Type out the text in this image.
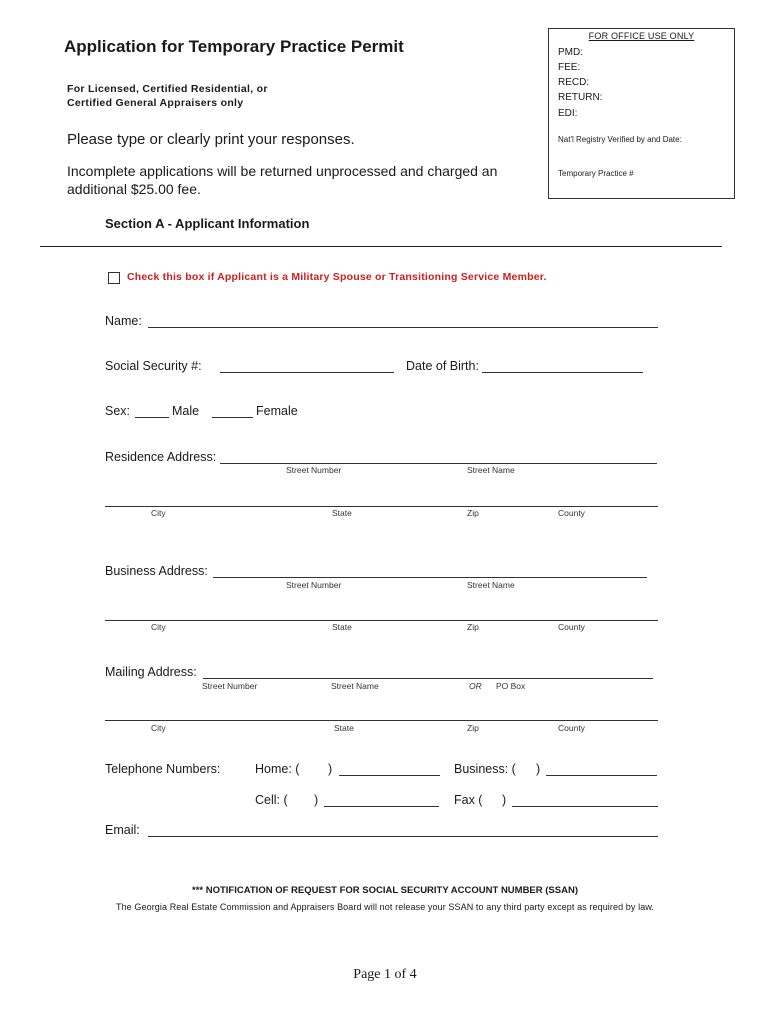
Application for Temporary Practice Permit
For Licensed, Certified Residential, or
Certified General Appraisers only
Please type or clearly print your responses.
Incomplete applications will be returned unprocessed and charged an additional $25.00 fee.
FOR OFFICE USE ONLY
PMD:
FEE:
RECD:
RETURN:
EDI:
Nat'l Registry Verified by and Date:
Temporary Practice #
Section A - Applicant Information
Check this box if Applicant is a Military Spouse or Transitioning Service Member.
Name:
Social Security #:	Date of Birth:
Sex:	Male	Female
Residence Address:
Street Number	Street Name
City	State	Zip	County
Business Address:
Street Number	Street Name
City	State	Zip	County
Mailing Address:
Street Number	Street Name	OR PO Box
City	State	Zip	County
Telephone Numbers:	Home: ( )	Business: ( )
Cell: ( )	Fax ( )
Email:
*** NOTIFICATION OF REQUEST FOR SOCIAL SECURITY ACCOUNT NUMBER (SSAN)
The Georgia Real Estate Commission and Appraisers Board will not release your SSAN to any third party except as required by law.
Page 1 of 4
